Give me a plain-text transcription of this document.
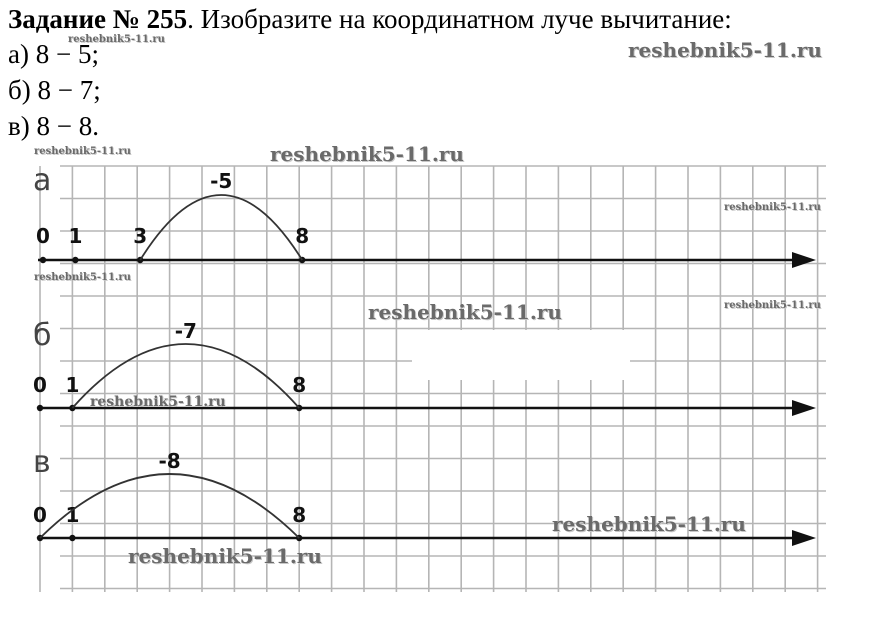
Задание № 255. Изобразите на координатном луче вычитание:
а) 8 − 5;
б) 8 − 7;
в) 8 − 8.
а
0 1	3	8
-5
б
0 1	8
-7
в
0 1	8
-8
reshebnik5-11.ru	reshebnik5-11.ru
reshebnik5-11.ru	reshebnik5-11.ru
reshebnik5-11.ru
reshebnik5-11.ru
reshebnik5-11.ru
reshebnik5-11.ru
reshebnik5-11.ru
reshebnik5-11.ru
reshebnik5-11.ru
